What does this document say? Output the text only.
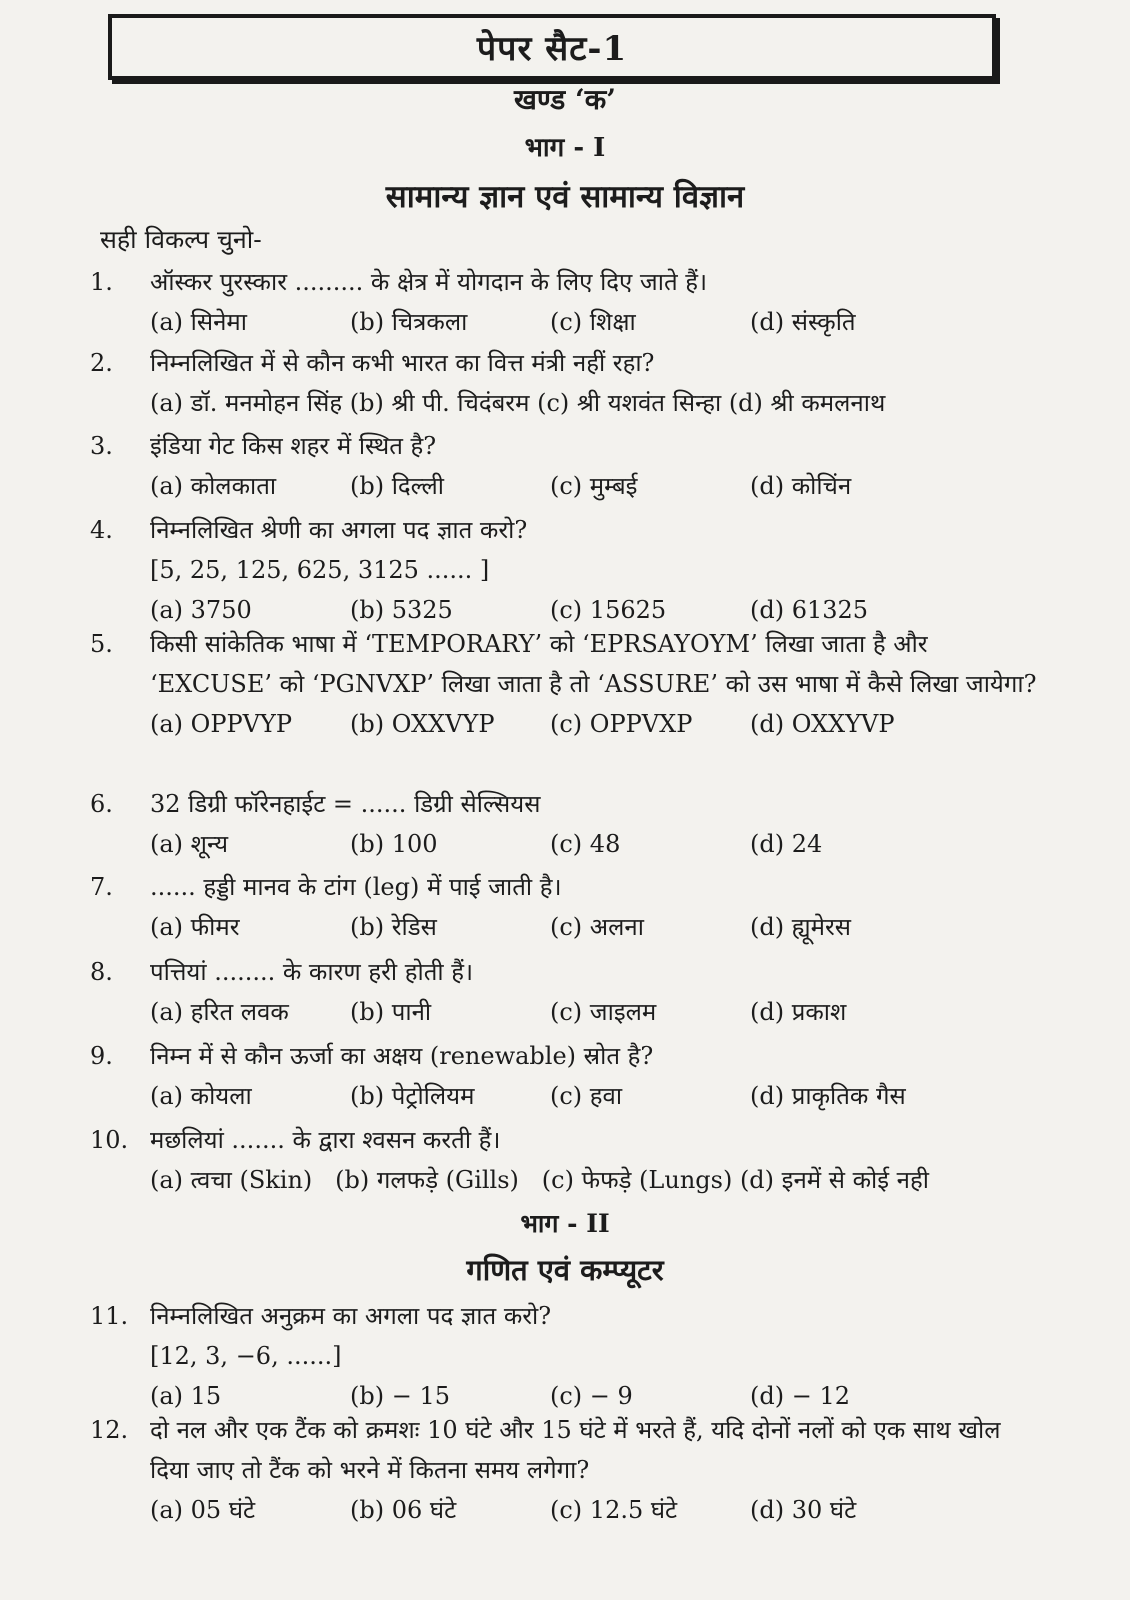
पेपर सैट-1
खण्ड ‘क’
भाग - I
सामान्य ज्ञान एवं सामान्य विज्ञान
सही विकल्प चुनो-
1.	ऑस्कर पुरस्कार ......... के क्षेत्र में योगदान के लिए दिए जाते हैं।
(a) सिनेमा	(b) चित्रकला	(c) शिक्षा	(d) संस्कृति
2.	निम्नलिखित में से कौन कभी भारत का वित्त मंत्री नहीं रहा?
(a) डॉ. मनमोहन सिंह (b) श्री पी. चिदंबरम (c) श्री यशवंत सिन्हा (d) श्री कमलनाथ
3.	इंडिया गेट किस शहर में स्थित है?
(a) कोलकाता	(b) दिल्ली	(c) मुम्बई	(d) कोचिंन
4.	निम्नलिखित श्रेणी का अगला पद ज्ञात करो?
[5, 25, 125, 625, 3125 ...... ]
(a) 3750	(b) 5325	(c) 15625	(d) 61325
5.	किसी सांकेतिक भाषा में ‘TEMPORARY’ को ‘EPRSAYOYM’ लिखा जाता है और ‘EXCUSE’ को ‘PGNVXP’ लिखा जाता है तो ‘ASSURE’ को उस भाषा में कैसे लिखा जायेगा?
(a) OPPVYP	(b) OXXVYP	(c) OPPVXP	(d) OXXYVP
6.	32 डिग्री फॉरेनहाईट = ...... डिग्री सेल्सियस
(a) शून्य	(b) 100	(c) 48	(d) 24
7.	...... हड्डी मानव के टांग (leg) में पाई जाती है।
(a) फीमर	(b) रेडिस	(c) अलना	(d) ह्यूमेरस
8.	पत्तियां ........ के कारण हरी होती हैं।
(a) हरित लवक	(b) पानी	(c) जाइलम	(d) प्रकाश
9.	निम्न में से कौन ऊर्जा का अक्षय (renewable) स्रोत है?
(a) कोयला	(b) पेट्रोलियम	(c) हवा	(d) प्राकृतिक गैस
10. मछलियां ....... के द्वारा श्वसन करती हैं।
(a) त्वचा (Skin)   (b) गलफड़े (Gills)   (c) फेफड़े (Lungs) (d) इनमें से कोई नही
भाग - II
गणित एवं कम्प्यूटर
11. निम्नलिखित अनुक्रम का अगला पद ज्ञात करो?
[12, 3, −6, ......]
(a) 15	(b) − 15	(c) − 9	(d) − 12
12. दो नल और एक टैंक को क्रमशः 10 घंटे और 15 घंटे में भरते हैं, यदि दोनों नलों को एक साथ खोल दिया जाए तो टैंक को भरने में कितना समय लगेगा?
(a) 05 घंटे	(b) 06 घंटे	(c) 12.5 घंटे	(d) 30 घंटे
